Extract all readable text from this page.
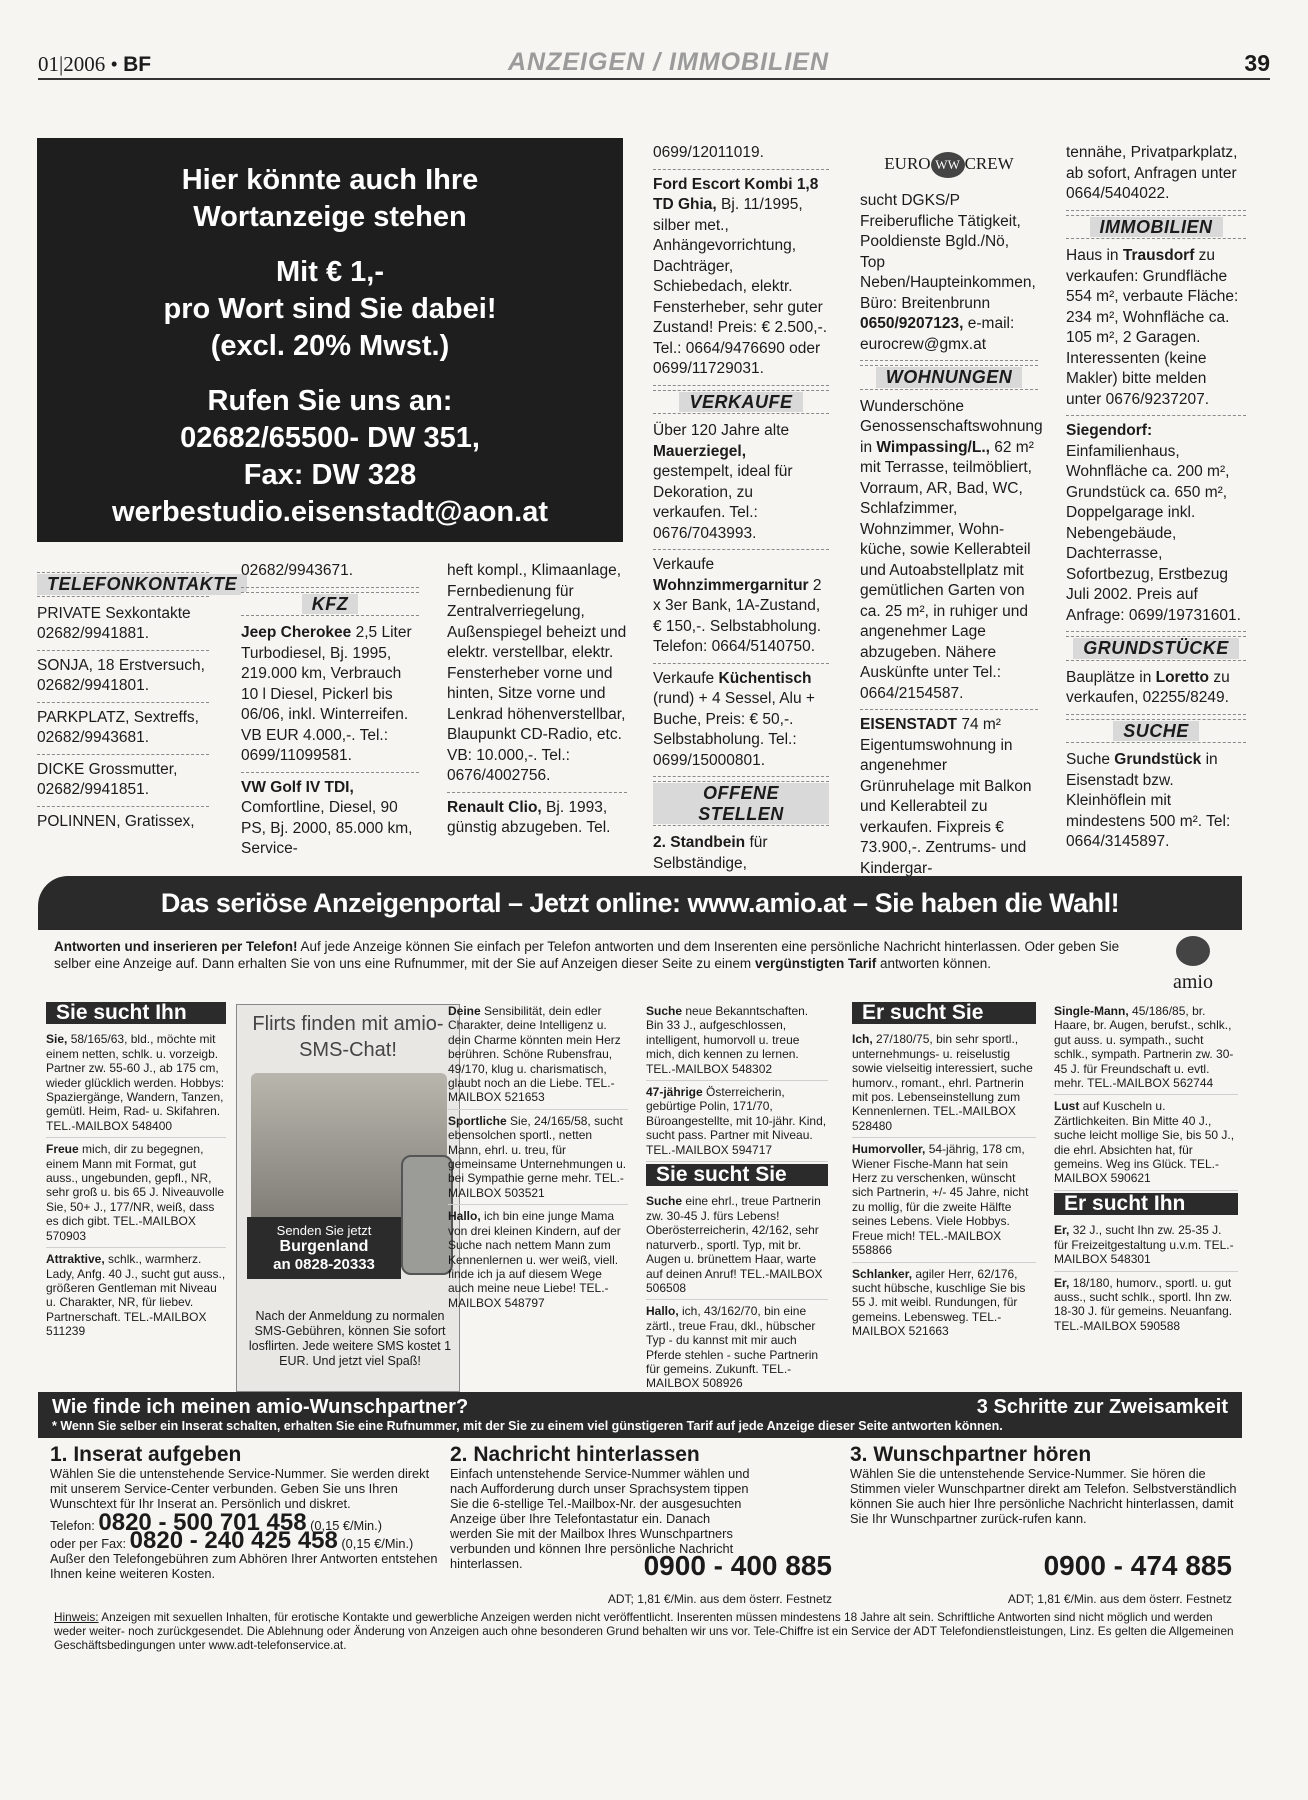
01|2006 • BF	ANZEIGEN / IMMOBILIEN	39
Hier könnte auch Ihre
Wortanzeige stehen
Mit € 1,-
pro Wort sind Sie dabei!
(excl. 20% Mwst.)
Rufen Sie uns an:
02682/65500- DW 351,
Fax: DW 328
werbestudio.eisenstadt@aon.at
TELEFONKONTAKTE
PRIVATE Sexkontakte 02682/9941881.
SONJA, 18 Erstversuch, 02682/9941801.
PARKPLATZ, Sextreffs, 02682/9943681.
DICKE Grossmutter, 02682/9941851.
POLINNEN, Gratissex,
02682/9943671.
KFZ
Jeep Cherokee 2,5 Liter Turbodiesel, Bj. 1995, 219.000 km, Verbrauch 10 l Diesel, Pickerl bis 06/06, inkl. Winterreifen. VB EUR 4.000,-. Tel.: 0699/11099581.
VW Golf IV TDI, Comfortline, Diesel, 90 PS, Bj. 2000, 85.000 km, Service-
heft kompl., Klimaanlage, Fernbedienung für Zentralverriegelung, Außenspiegel beheizt und elektr. verstellbar, elektr. Fensterheber vorne und hinten, Sitze vorne und Lenkrad höhenverstellbar, Blaupunkt CD-Radio, etc. VB: 10.000,-. Tel.: 0676/4002756.
Renault Clio, Bj. 1993, günstig abzugeben. Tel.
0699/12011019.
Ford Escort Kombi 1,8 TD Ghia, Bj. 11/1995, silber met., Anhängevorrichtung, Dachträger, Schiebedach, elektr. Fensterheber, sehr guter Zustand! Preis: € 2.500,-. Tel.: 0664/9476690 oder 0699/11729031.
VERKAUFE
Über 120 Jahre alte Mauerziegel, gestempelt, ideal für Dekoration, zu verkaufen. Tel.: 0676/7043993.
Verkaufe Wohnzimmergarnitur 2 x 3er Bank, 1A-Zustand, € 150,-. Selbstabholung. Telefon: 0664/5140750.
Verkaufe Küchentisch (rund) + 4 Sessel, Alu + Buche, Preis: € 50,-. Selbstabholung. Tel.: 0699/15000801.
OFFENE STELLEN
2. Standbein für Selbständige,
EURO WW CREW
sucht DGKS/P Freiberufliche Tätigkeit, Pooldienste Bgld./Nö, Top Neben/Haupteinkommen, Büro: Breitenbrunn 0650/9207123, e-mail: eurocrew@gmx.at
WOHNUNGEN
Wunderschöne Genossenschaftswohnung in Wimpassing/L., 62 m² mit Terrasse, teilmöbliert, Vorraum, AR, Bad, WC, Schlafzimmer, Wohnzimmer, Wohn-küche, sowie Kellerabteil und Autoabstellplatz mit gemütlichen Garten von ca. 25 m², in ruhiger und angenehmer Lage abzugeben. Nähere Auskünfte unter Tel.: 0664/2154587.
EISENSTADT 74 m² Eigentumswohnung in angenehmer Grünruhelage mit Balkon und Kellerabteil zu verkaufen. Fixpreis € 73.900,-. Zentrums- und Kindergar-
tennähe, Privatparkplatz, ab sofort, Anfragen unter 0664/5404022.
IMMOBILIEN
Haus in Trausdorf zu verkaufen: Grundfläche 554 m², verbaute Fläche: 234 m², Wohnfläche ca. 105 m², 2 Garagen. Interessenten (keine Makler) bitte melden unter 0676/9237207.
Siegendorf: Einfamilienhaus, Wohnfläche ca. 200 m², Grundstück ca. 650 m², Doppelgarage inkl. Nebengebäude, Dachterrasse, Sofortbezug, Erstbezug Juli 2002. Preis auf Anfrage: 0699/19731601.
GRUNDSTÜCKE
Bauplätze in Loretto zu verkaufen, 02255/8249.
SUCHE
Suche Grundstück in Eisenstadt bzw. Kleinhöflein mit mindestens 500 m². Tel: 0664/3145897.
Das seriöse Anzeigenportal – Jetzt online: www.amio.at – Sie haben die Wahl!
Antworten und inserieren per Telefon! Auf jede Anzeige können Sie einfach per Telefon antworten und dem Inserenten eine persönliche Nachricht hinterlassen. Oder geben Sie selber eine Anzeige auf. Dann erhalten Sie von uns eine Rufnummer, mit der Sie auf Anzeigen dieser Seite zu einem vergünstigten Tarif antworten können.
amio
Sie sucht Ihn
Sie, 58/165/63, bld., möchte mit einem netten, schlk. u. vorzeigb. Partner zw. 55-60 J., ab 175 cm, wieder glücklich werden. Hobbys: Spaziergänge, Wandern, Tanzen, gemütl. Heim, Rad- u. Skifahren. TEL.-MAILBOX 548400
Freue mich, dir zu begegnen, einem Mann mit Format, gut auss., ungebunden, gepfl., NR, sehr groß u. bis 65 J. Niveauvolle Sie, 50+ J., 177/NR, weiß, dass es dich gibt. TEL.-MAILBOX 570903
Attraktive, schlk., warmherz. Lady, Anfg. 40 J., sucht gut auss., größeren Gentleman mit Niveau u. Charakter, NR, für liebev. Partnerschaft. TEL.-MAILBOX 511239
Flirts finden mit amio-SMS-Chat!
Senden Sie jetzt
Burgenland
an 0828-20333
Nach der Anmeldung zu normalen SMS-Gebühren, können Sie sofort losflirten. Jede weitere SMS kostet 1 EUR. Und jetzt viel Spaß!
Deine Sensibilität, dein edler Charakter, deine Intelligenz u. dein Charme könnten mein Herz berühren. Schöne Rubensfrau, 49/170, klug u. charismatisch, glaubt noch an die Liebe. TEL.-MAILBOX 521653
Sportliche Sie, 24/165/58, sucht ebensolchen sportl., netten Mann, ehrl. u. treu, für gemeinsame Unternehmungen u. bei Sympathie gerne mehr. TEL.-MAILBOX 503521
Hallo, ich bin eine junge Mama von drei kleinen Kindern, auf der Suche nach nettem Mann zum Kennenlernen u. wer weiß, viell. finde ich ja auf diesem Wege auch meine neue Liebe! TEL.-MAILBOX 548797
Suche neue Bekanntschaften. Bin 33 J., aufgeschlossen, intelligent, humorvoll u. treue mich, dich kennen zu lernen. TEL.-MAILBOX 548302
47-jährige Österreicherin, gebürtige Polin, 171/70, Büroangestellte, mit 10-jähr. Kind, sucht pass. Partner mit Niveau. TEL.-MAILBOX 594717
Sie sucht Sie
Suche eine ehrl., treue Partnerin zw. 30-45 J. fürs Lebens! Oberösterreicherin, 42/162, sehr naturverb., sportl. Typ, mit br. Augen u. brünettem Haar, warte auf deinen Anruf! TEL.-MAILBOX 506508
Hallo, ich, 43/162/70, bin eine zärtl., treue Frau, dkl., hübscher Typ - du kannst mit mir auch Pferde stehlen - suche Partnerin für gemeins. Zukunft. TEL.-MAILBOX 508926
Er sucht Sie
Ich, 27/180/75, bin sehr sportl., unternehmungs- u. reiselustig sowie vielseitig interessiert, suche humorv., romant., ehrl. Partnerin mit pos. Lebenseinstellung zum Kennenlernen. TEL.-MAILBOX 528480
Humorvoller, 54-jährig, 178 cm, Wiener Fische-Mann hat sein Herz zu verschenken, wünscht sich Partnerin, +/- 45 Jahre, nicht zu mollig, für die zweite Hälfte seines Lebens. Viele Hobbys. Freue mich! TEL.-MAILBOX 558866
Schlanker, agiler Herr, 62/176, sucht hübsche, kuschlige Sie bis 55 J. mit weibl. Rundungen, für gemeins. Lebensweg. TEL.-MAILBOX 521663
Single-Mann, 45/186/85, br. Haare, br. Augen, berufst., schlk., gut auss. u. sympath., sucht schlk., sympath. Partnerin zw. 30-45 J. für Freundschaft u. evtl. mehr. TEL.-MAILBOX 562744
Lust auf Kuscheln u. Zärtlichkeiten. Bin Mitte 40 J., suche leicht mollige Sie, bis 50 J., die ehrl. Absichten hat, für gemeins. Weg ins Glück. TEL.-MAILBOX 590621
Er sucht Ihn
Er, 32 J., sucht Ihn zw. 25-35 J. für Freizeitgestaltung u.v.m. TEL.-MAILBOX 548301
Er, 18/180, humorv., sportl. u. gut auss., sucht schlk., sportl. Ihn zw. 18-30 J. für gemeins. Neuanfang. TEL.-MAILBOX 590588
Wie finde ich meinen amio-Wunschpartner?	3 Schritte zur Zweisamkeit
* Wenn Sie selber ein Inserat schalten, erhalten Sie eine Rufnummer, mit der Sie zu einem viel günstigeren Tarif auf jede Anzeige dieser Seite antworten können.
1. Inserat aufgeben
Wählen Sie die untenstehende Service-Nummer. Sie werden direkt mit unserem Service-Center verbunden. Geben Sie uns Ihren Wunschtext für Ihr Inserat an. Persönlich und diskret.
Telefon: 0820 - 500 701 458 (0,15 €/Min.)
oder per Fax: 0820 - 240 425 458 (0,15 €/Min.)
Außer den Telefongebühren zum Abhören Ihrer Antworten entstehen Ihnen keine weiteren Kosten.
2. Nachricht hinterlassen
Einfach untenstehende Service-Nummer wählen und nach Aufforderung durch unser Sprachsystem tippen Sie die 6-stellige Tel.-Mailbox-Nr. der ausgesuchten Anzeige über Ihre Telefontastatur ein. Danach werden Sie mit der Mailbox Ihres Wunschpartners verbunden und können Ihre persönliche Nachricht hinterlassen.	0900 - 400 885
ADT; 1,81 €/Min. aus dem österr. Festnetz
3. Wunschpartner hören
Wählen Sie die untenstehende Service-Nummer. Sie hören die Stimmen vieler Wunschpartner direkt am Telefon. Selbstverständlich können Sie auch hier Ihre persönliche Nachricht hinterlassen, damit Sie Ihr Wunschpartner zurück-rufen kann.
0900 - 474 885
ADT; 1,81 €/Min. aus dem österr. Festnetz
Hinweis: Anzeigen mit sexuellen Inhalten, für erotische Kontakte und gewerbliche Anzeigen werden nicht veröffentlicht. Inserenten müssen mindestens 18 Jahre alt sein. Schriftliche Antworten sind nicht möglich und werden weder weiter- noch zurückgesendet. Die Ablehnung oder Änderung von Anzeigen auch ohne besonderen Grund behalten wir uns vor. Tele-Chiffre ist ein Service der ADT Telefondienstleistungen, Linz. Es gelten die Allgemeinen Geschäftsbedingungen unter www.adt-telefonservice.at.
